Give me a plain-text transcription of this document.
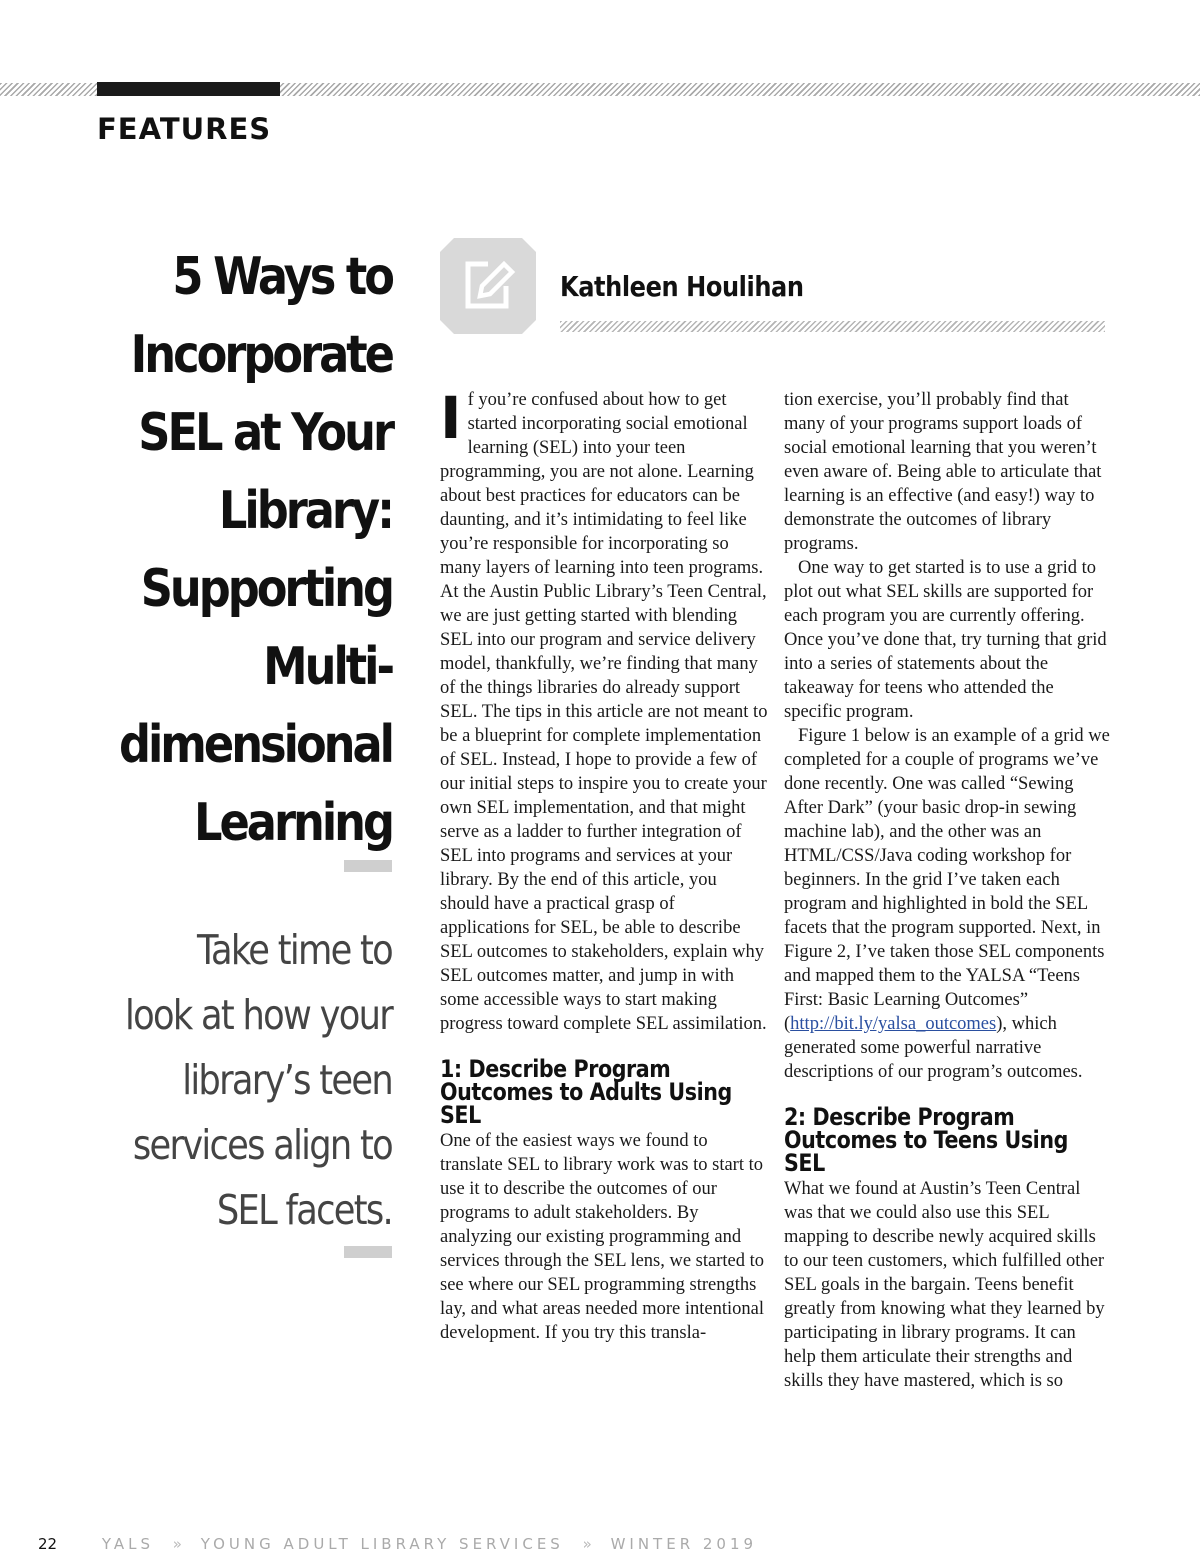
FEATURES
5 Ways to
Incorporate
SEL at Your
Library:
Supporting
Multi-
dimensional
Learning
Take time to
look at how your
library’s teen
services align to
SEL facets.
Kathleen Houlihan

If you’re confused about how to get started incorporating social emotional learning (SEL) into your teen programming, you are not alone. Learning about best practices for educators can be daunting, and it’s intimidating to feel like you’re responsible for incorporating so many layers of learning into teen programs. At the Austin Public Library’s Teen Central, we are just getting started with blending SEL into our program and service delivery model, thankfully, we’re finding that many of the things libraries do already support SEL. The tips in this article are not meant to be a blueprint for complete implementation of SEL. Instead, I hope to provide a few of our initial steps to inspire you to create your own SEL implementation, and that might serve as a ladder to further integration of SEL into programs and services at your library. By the end of this article, you should have a practical grasp of applications for SEL, be able to describe SEL outcomes to stakeholders, explain why SEL outcomes matter, and jump in with some accessible ways to start making progress toward complete SEL assimilation.

1: Describe Program Outcomes to Adults Using SEL

One of the easiest ways we found to translate SEL to library work was to start to use it to describe the outcomes of our programs to adult stakeholders. By analyzing our existing programming and services through the SEL lens, we started to see where our SEL programming strengths lay, and what areas needed more intentional development. If you try this transla-

tion exercise, you’ll probably find that many of your programs support loads of social emotional learning that you weren’t even aware of. Being able to articulate that learning is an effective (and easy!) way to demonstrate the outcomes of library programs.

One way to get started is to use a grid to plot out what SEL skills are supported for each program you are currently offering. Once you’ve done that, try turning that grid into a series of statements about the takeaway for teens who attended the specific program.

Figure 1 below is an example of a grid we completed for a couple of programs we’ve done recently. One was called “Sewing After Dark” (your basic drop-in sewing machine lab), and the other was an HTML/CSS/Java coding workshop for beginners. In the grid I’ve taken each program and highlighted in bold the SEL facets that the program supported. Next, in Figure 2, I’ve taken those SEL components and mapped them to the YALSA “Teens First: Basic Learning Outcomes” (http://bit.ly/yalsa_outcomes), which generated some powerful narrative descriptions of our program’s outcomes.

2: Describe Program Outcomes to Teens Using SEL

What we found at Austin’s Teen Central was that we could also use this SEL mapping to describe newly acquired skills to our teen customers, which fulfilled other SEL goals in the bargain. Teens benefit greatly from knowing what they learned by participating in library programs. It can help them articulate their strengths and skills they have mastered, which is so

22	YALS » YOUNG ADULT LIBRARY SERVICES » WINTER 2019
